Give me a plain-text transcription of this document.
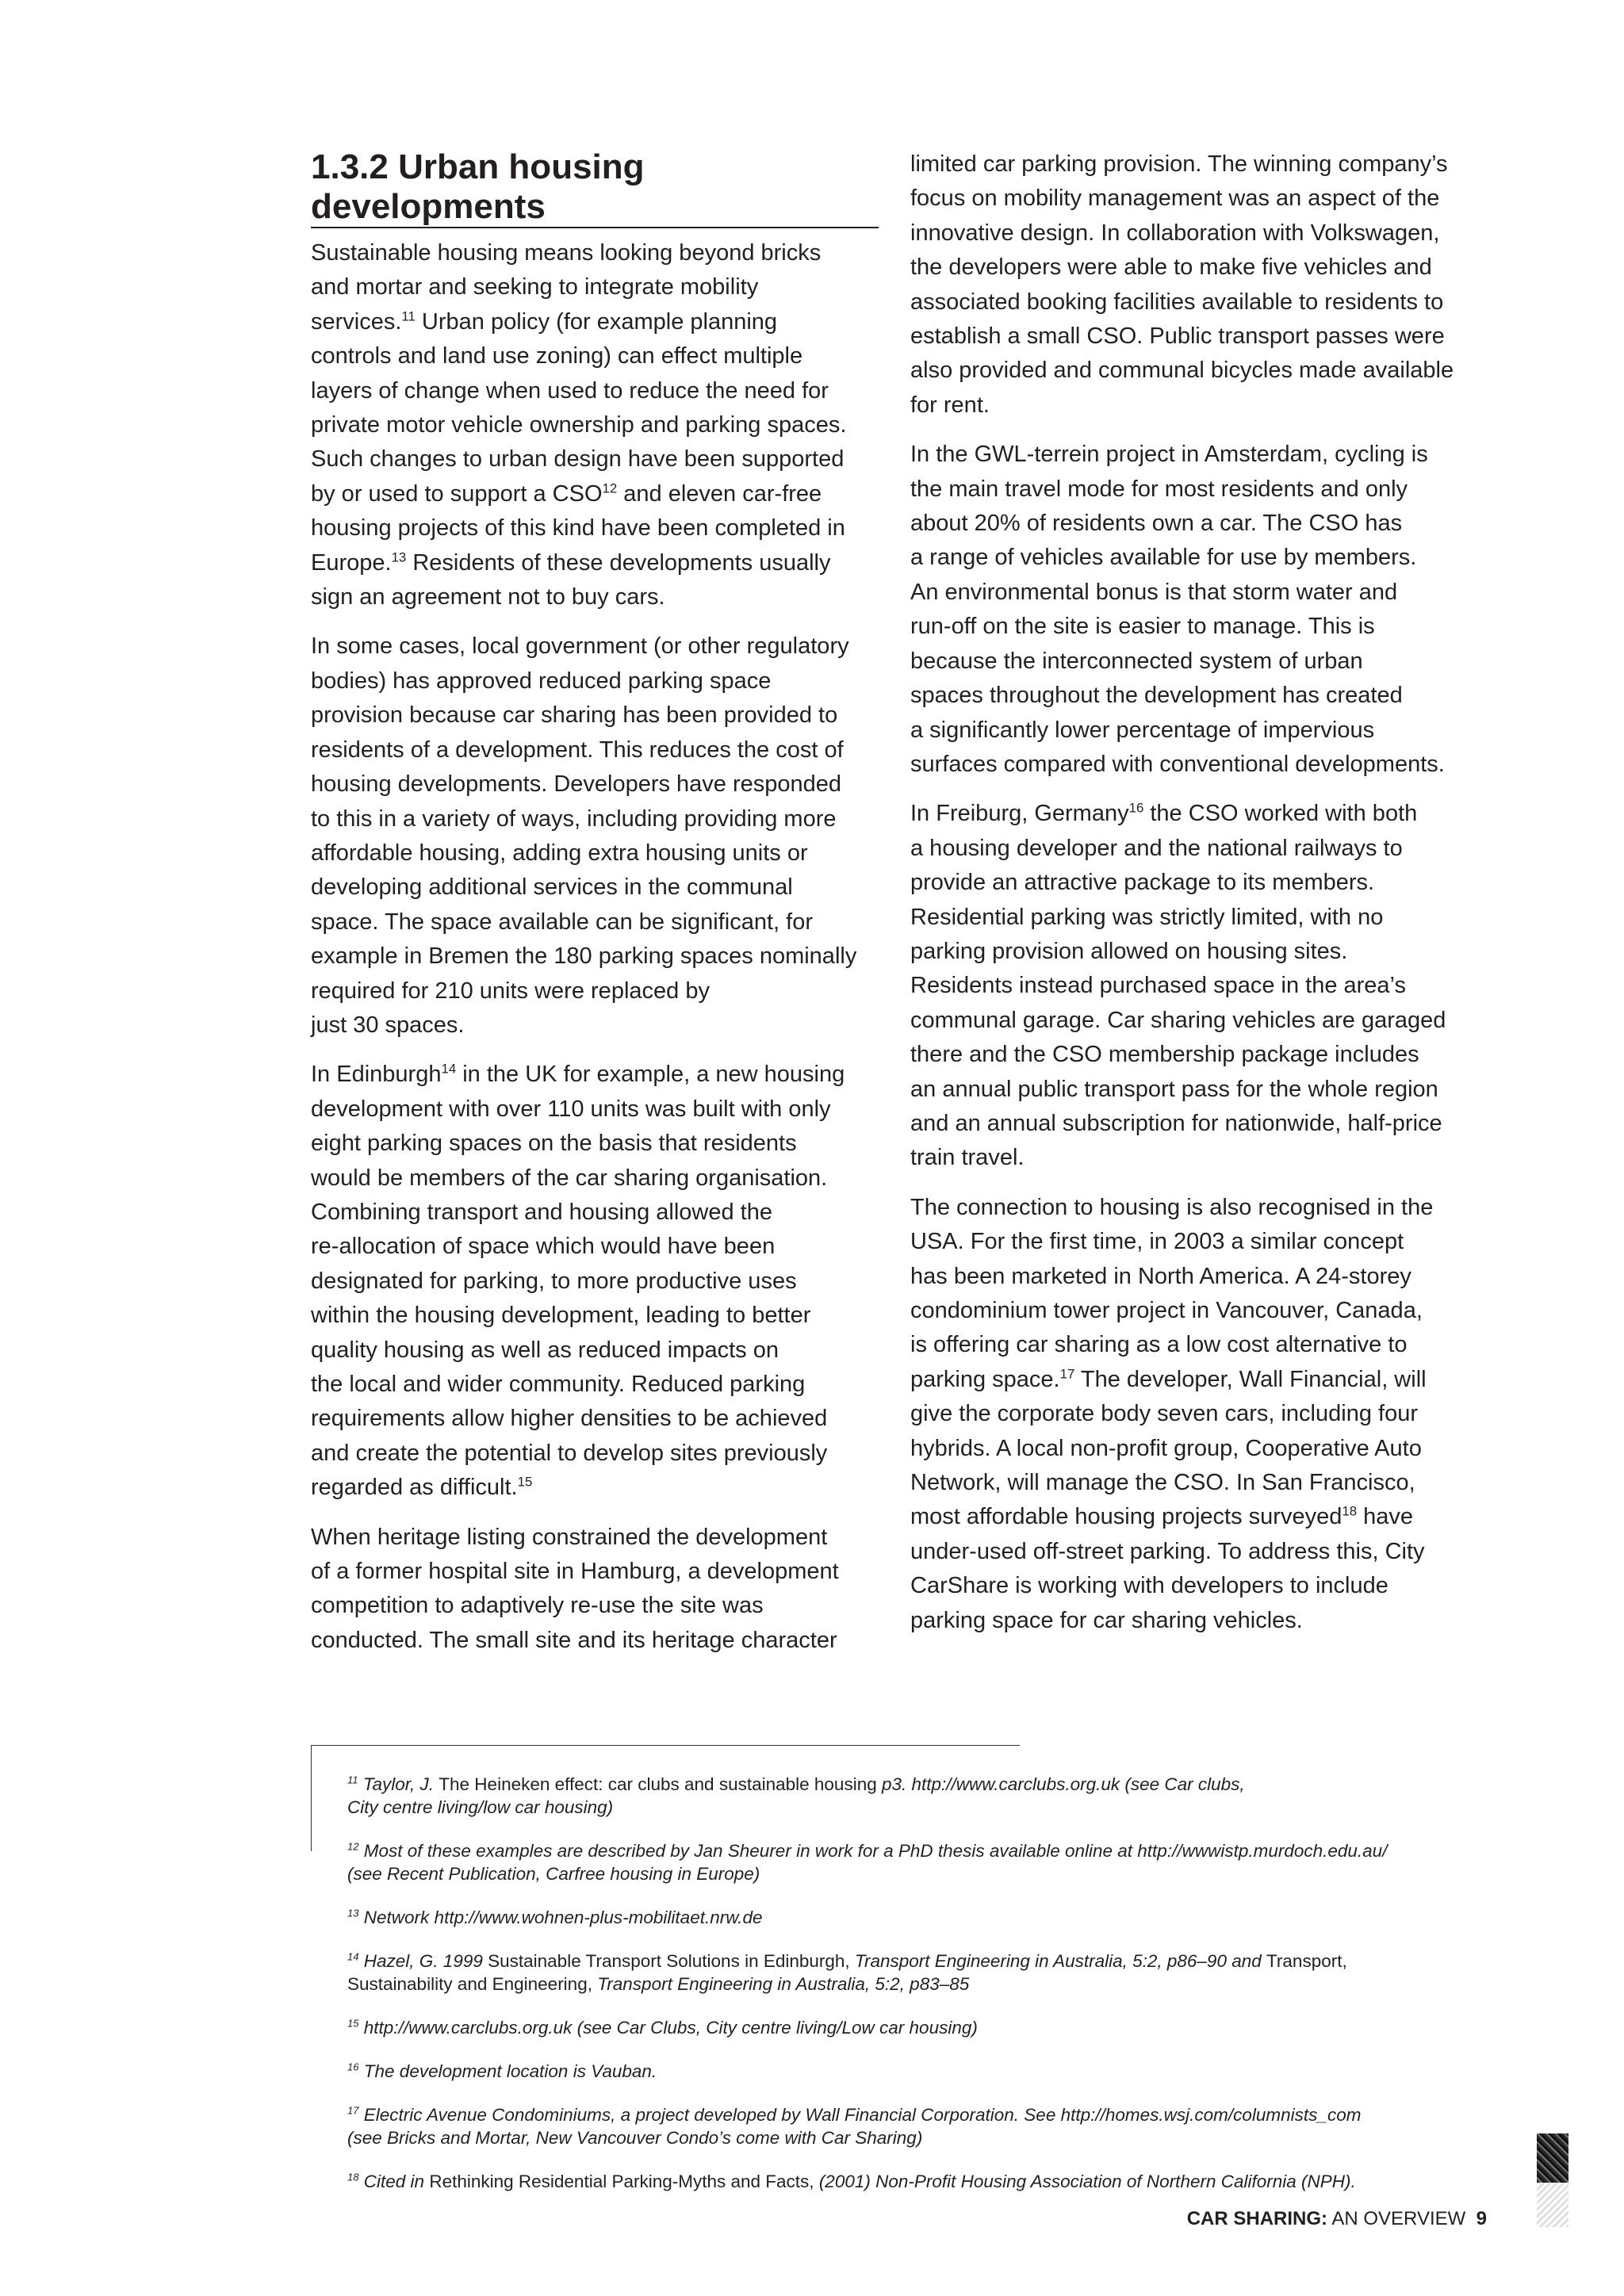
1.3.2 Urban housing
developments

Sustainable housing means looking beyond bricks
and mortar and seeking to integrate mobility
services.$^{11}$ Urban policy (for example planning
controls and land use zoning) can effect multiple
layers of change when used to reduce the need for
private motor vehicle ownership and parking spaces.
Such changes to urban design have been supported
by or used to support a CSO$^{12}$ and eleven car-free
housing projects of this kind have been completed in
Europe.$^{13}$ Residents of these developments usually
sign an agreement not to buy cars.

In some cases, local government (or other regulatory
bodies) has approved reduced parking space
provision because car sharing has been provided to
residents of a development. This reduces the cost of
housing developments. Developers have responded
to this in a variety of ways, including providing more
affordable housing, adding extra housing units or
developing additional services in the communal
space. The space available can be significant, for
example in Bremen the 180 parking spaces nominally
required for 210 units were replaced by
just 30 spaces.

In Edinburgh$^{14}$ in the UK for example, a new housing
development with over 110 units was built with only
eight parking spaces on the basis that residents
would be members of the car sharing organisation.
Combining transport and housing allowed the
re-allocation of space which would have been
designated for parking, to more productive uses
within the housing development, leading to better
quality housing as well as reduced impacts on
the local and wider community. Reduced parking
requirements allow higher densities to be achieved
and create the potential to develop sites previously
regarded as difficult.$^{15}$

When heritage listing constrained the development
of a former hospital site in Hamburg, a development
competition to adaptively re-use the site was
conducted. The small site and its heritage character

limited car parking provision. The winning company’s
focus on mobility management was an aspect of the
innovative design. In collaboration with Volkswagen,
the developers were able to make five vehicles and
associated booking facilities available to residents to
establish a small CSO. Public transport passes were
also provided and communal bicycles made available
for rent.

In the GWL-terrein project in Amsterdam, cycling is
the main travel mode for most residents and only
about 20% of residents own a car. The CSO has
a range of vehicles available for use by members.
An environmental bonus is that storm water and
run-off on the site is easier to manage. This is
because the interconnected system of urban
spaces throughout the development has created
a significantly lower percentage of impervious
surfaces compared with conventional developments.

In Freiburg, Germany$^{16}$ the CSO worked with both
a housing developer and the national railways to
provide an attractive package to its members.
Residential parking was strictly limited, with no
parking provision allowed on housing sites.
Residents instead purchased space in the area’s
communal garage. Car sharing vehicles are garaged
there and the CSO membership package includes
an annual public transport pass for the whole region
and an annual subscription for nationwide, half-price
train travel.

The connection to housing is also recognised in the
USA. For the first time, in 2003 a similar concept
has been marketed in North America. A 24-storey
condominium tower project in Vancouver, Canada,
is offering car sharing as a low cost alternative to
parking space.$^{17}$ The developer, Wall Financial, will
give the corporate body seven cars, including four
hybrids. A local non-profit group, Cooperative Auto
Network, will manage the CSO. In San Francisco,
most affordable housing projects surveyed$^{18}$ have
under-used off-street parking. To address this, City
CarShare is working with developers to include
parking space for car sharing vehicles.

$^{11}$ Taylor, J. The Heineken effect: car clubs and sustainable housing p3. http://www.carclubs.org.uk (see Car clubs,
City centre living/low car housing)

$^{12}$ Most of these examples are described by Jan Sheurer in work for a PhD thesis available online at http://wwwistp.murdoch.edu.au/
(see Recent Publication, Carfree housing in Europe)

$^{13}$ Network http://www.wohnen-plus-mobilitaet.nrw.de

$^{14}$ Hazel, G. 1999 Sustainable Transport Solutions in Edinburgh, Transport Engineering in Australia, 5:2, p86–90 and Transport,
Sustainability and Engineering, Transport Engineering in Australia, 5:2, p83–85

$^{15}$ http://www.carclubs.org.uk (see Car Clubs, City centre living/Low car housing)

$^{16}$ The development location is Vauban.

$^{17}$ Electric Avenue Condominiums, a project developed by Wall Financial Corporation. See http://homes.wsj.com/columnists_com
(see Bricks and Mortar, New Vancouver Condo’s come with Car Sharing)

$^{18}$ Cited in Rethinking Residential Parking-Myths and Facts, (2001) Non-Profit Housing Association of Northern California (NPH).

CAR SHARING: AN OVERVIEW 9
